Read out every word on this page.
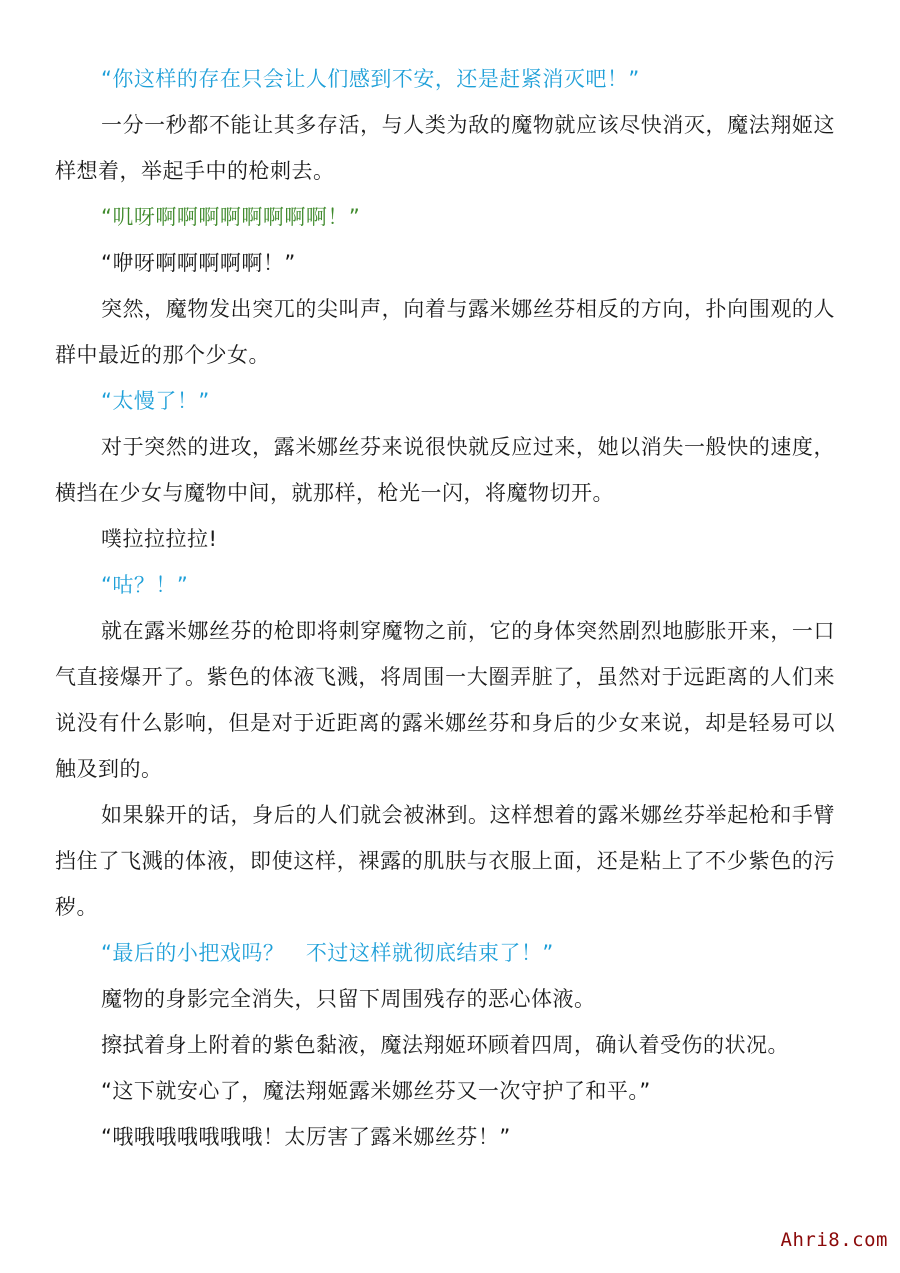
“你这样的存在只会让人们感到不安，还是赶紧消灭吧！”

一分一秒都不能让其多存活，与人类为敌的魔物就应该尽快消灭，魔法翔姬这样想着，举起手中的枪刺去。

“叽呀啊啊啊啊啊啊啊啊！”

“咿呀啊啊啊啊啊！”

突然，魔物发出突兀的尖叫声，向着与露米娜丝芬相反的方向，扑向围观的人群中最近的那个少女。

“太慢了！”

对于突然的进攻，露米娜丝芬来说很快就反应过来，她以消失一般快的速度，横挡在少女与魔物中间，就那样，枪光一闪，将魔物切开。

噗拉拉拉拉!

“咕？！”

就在露米娜丝芬的枪即将刺穿魔物之前，它的身体突然剧烈地膨胀开来，一口气直接爆开了。紫色的体液飞溅，将周围一大圈弄脏了，虽然对于远距离的人们来说没有什么影响，但是对于近距离的露米娜丝芬和身后的少女来说，却是轻易可以触及到的。

如果躲开的话，身后的人们就会被淋到。这样想着的露米娜丝芬举起枪和手臂挡住了飞溅的体液，即使这样，裸露的肌肤与衣服上面，还是粘上了不少紫色的污秽。

“最后的小把戏吗？　不过这样就彻底结束了！”

魔物的身影完全消失，只留下周围残存的恶心体液。

擦拭着身上附着的紫色黏液，魔法翔姬环顾着四周，确认着受伤的状况。

“这下就安心了，魔法翔姬露米娜丝芬又一次守护了和平。”

“哦哦哦哦哦哦哦！太厉害了露米娜丝芬！”

Ahri8.com
